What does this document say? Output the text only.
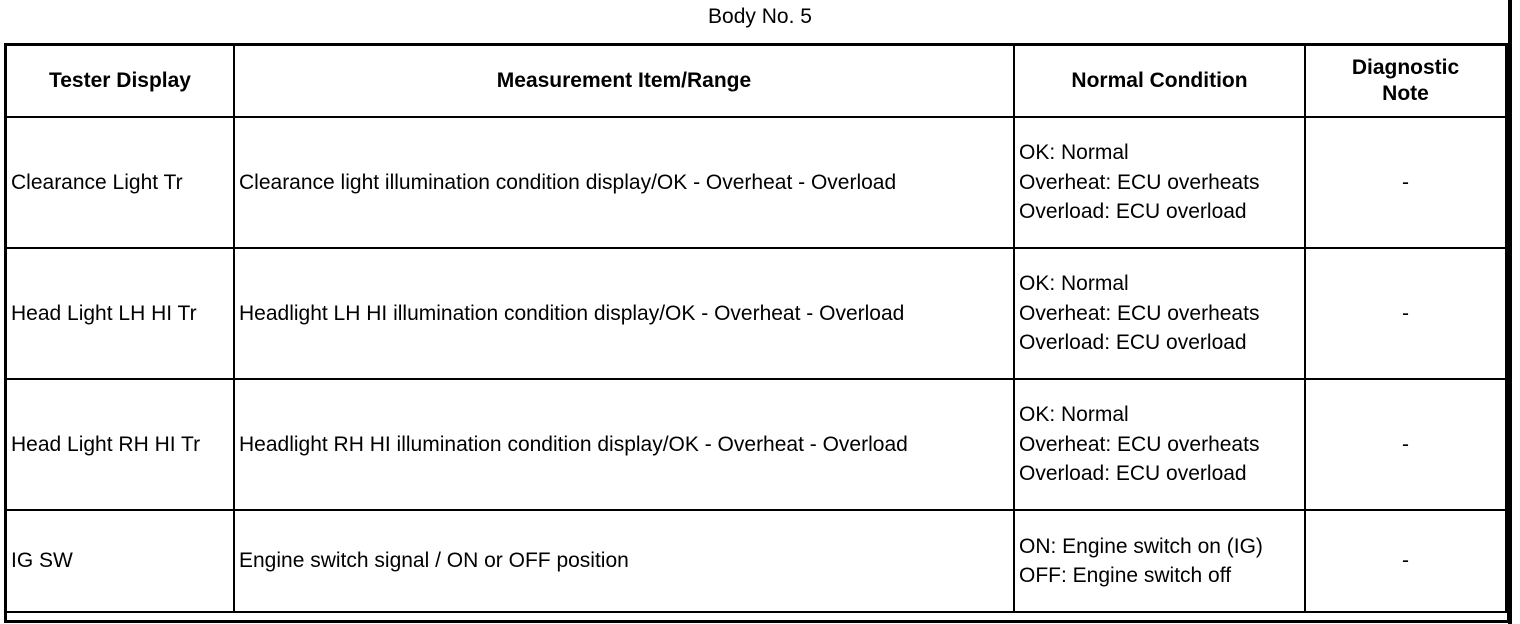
Body No. 5
Tester Display	Measurement Item/Range	Normal Condition	Diagnostic Note
Clearance Light Tr	Clearance light illumination condition display/OK - Overheat - Overload	OK: Normal
Overheat: ECU overheats
Overload: ECU overload	-
Head Light LH HI Tr	Headlight LH HI illumination condition display/OK - Overheat - Overload	OK: Normal
Overheat: ECU overheats
Overload: ECU overload	-
Head Light RH HI Tr	Headlight RH HI illumination condition display/OK - Overheat - Overload	OK: Normal
Overheat: ECU overheats
Overload: ECU overload	-
IG SW	Engine switch signal / ON or OFF position	ON: Engine switch on (IG)
OFF: Engine switch off	-
